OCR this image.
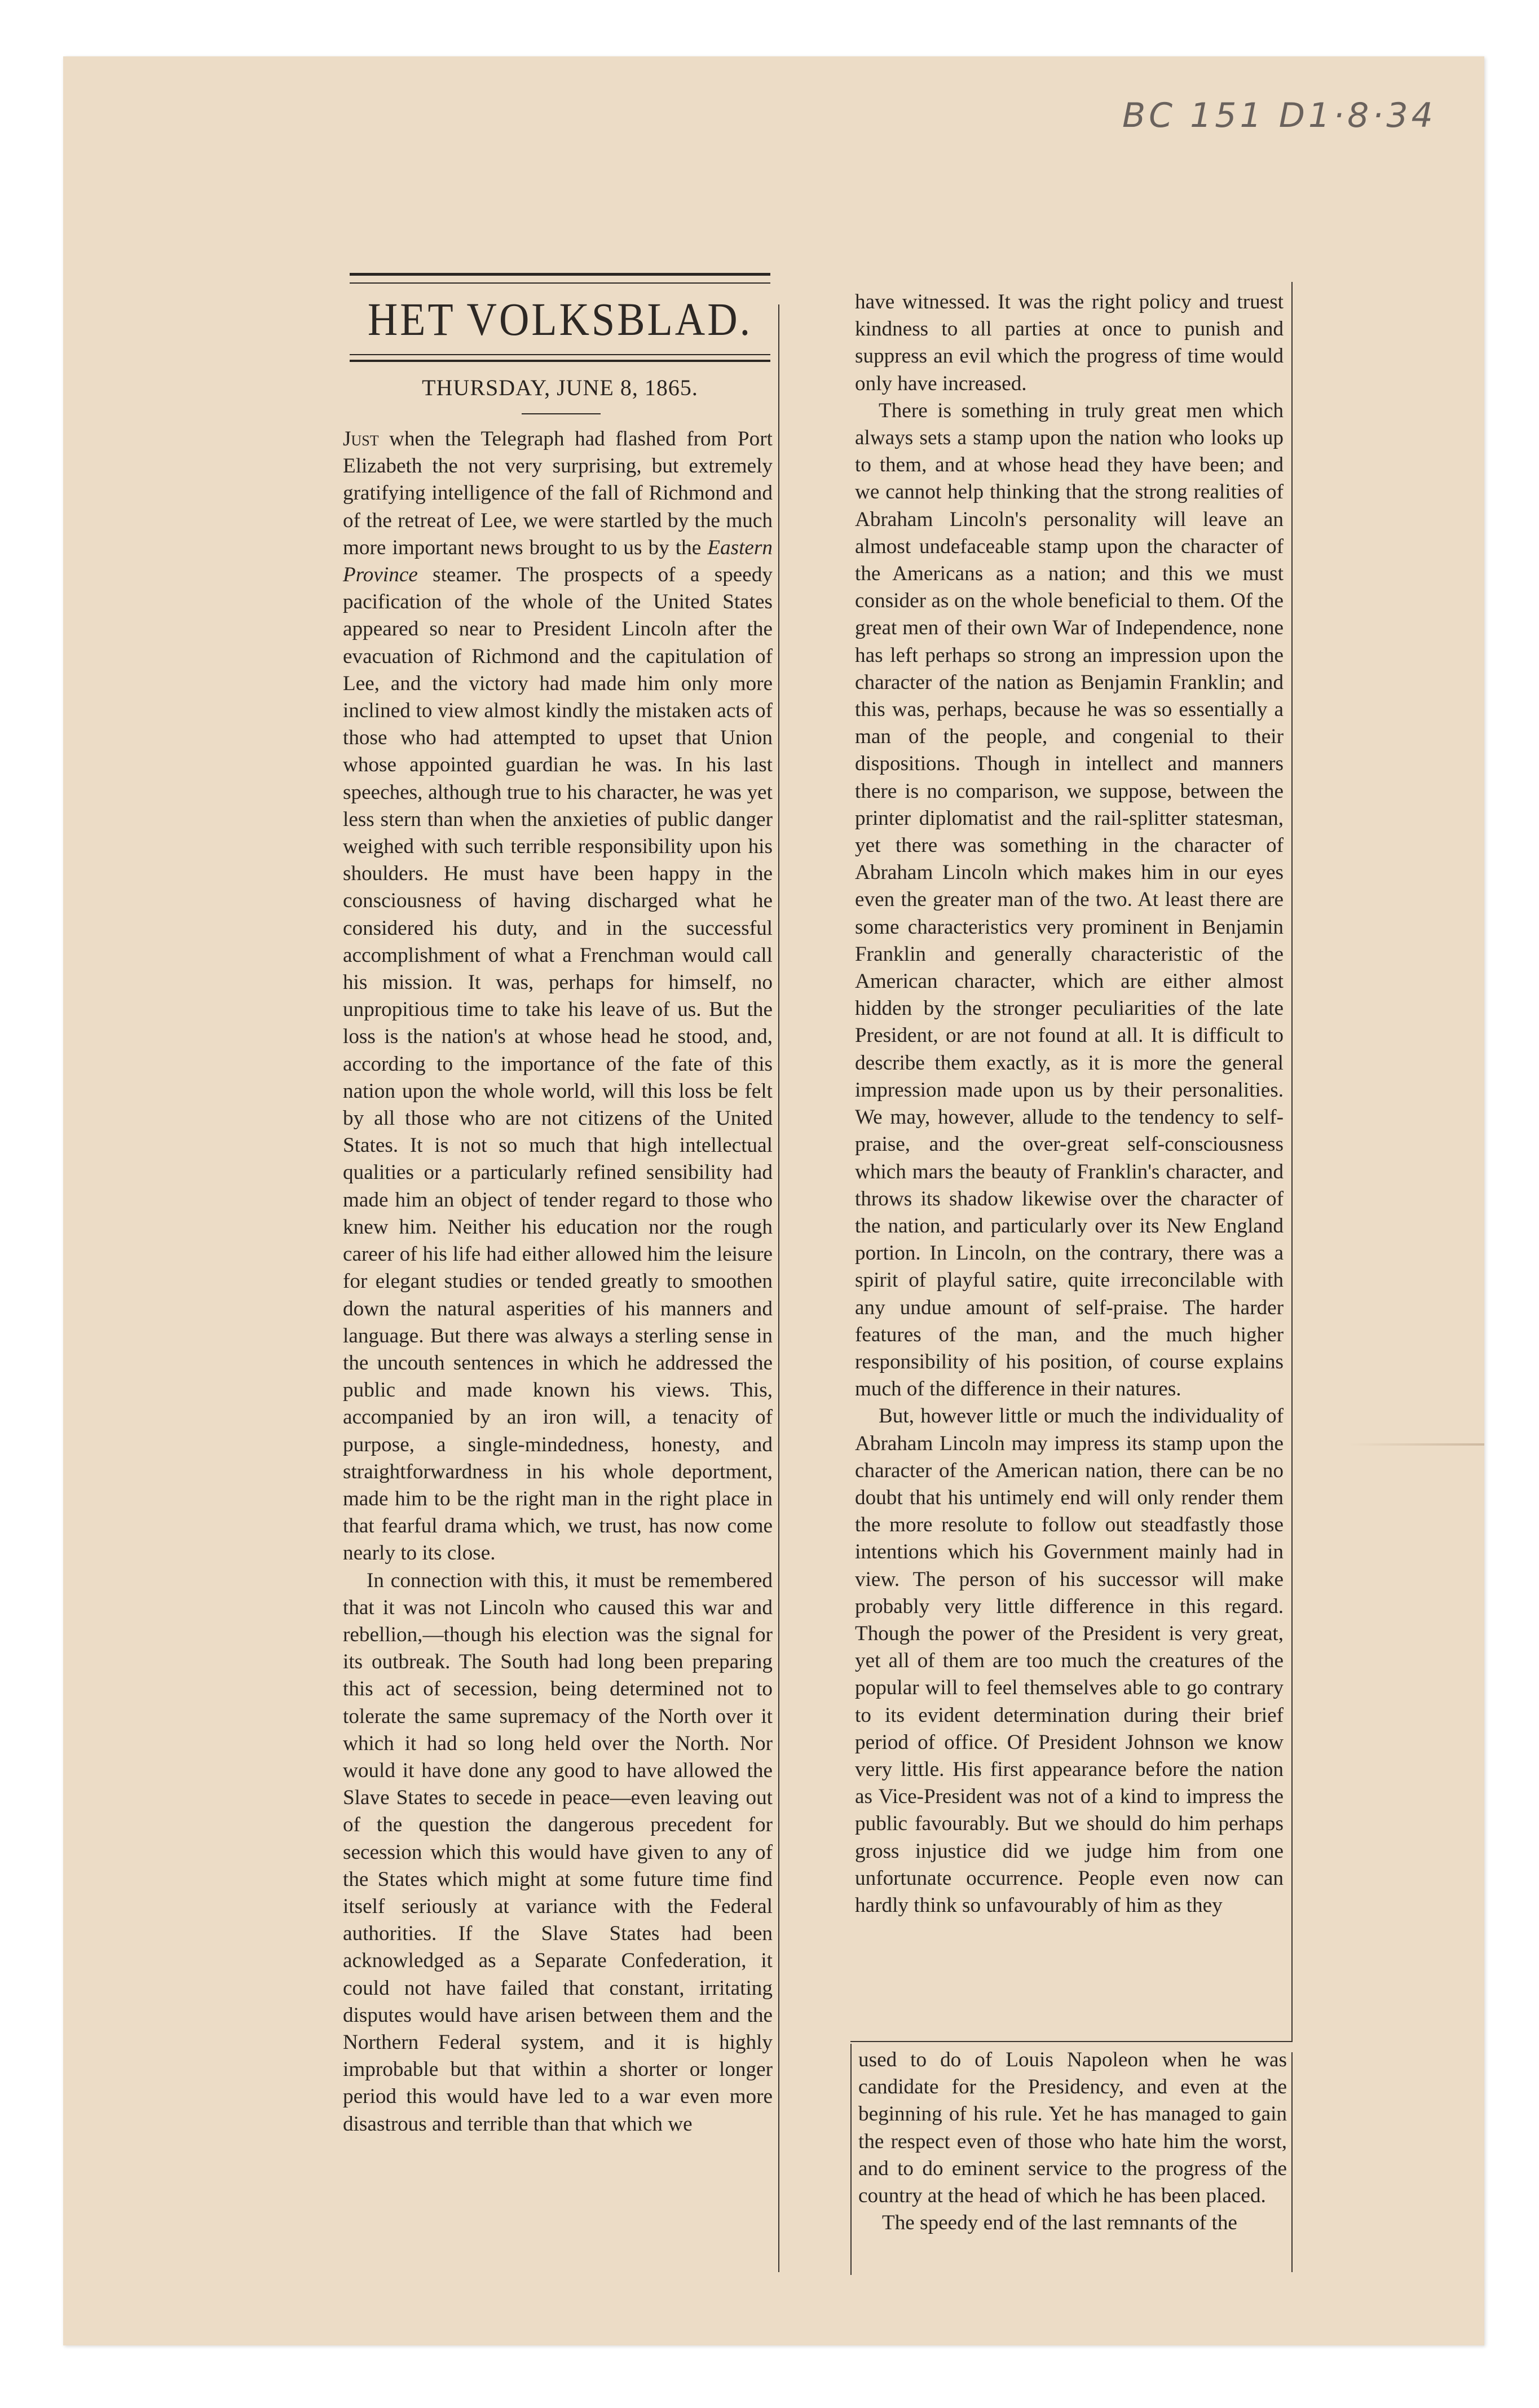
BC 151 D1·8·34
HET VOLKSBLAD.
THURSDAY, JUNE 8, 1865.

Just when the Telegraph had flashed from Port Elizabeth the not very surprising, but extremely gratifying intelligence of the fall of Richmond and of the retreat of Lee, we were startled by the much more important news brought to us by the Eastern Province steamer. The prospects of a speedy pacification of the whole of the United States appeared so near to President Lincoln after the evacuation of Richmond and the capitulation of Lee, and the victory had made him only more inclined to view almost kindly the mistaken acts of those who had attempted to upset that Union whose appointed guardian he was. In his last speeches, although true to his character, he was yet less stern than when the anxieties of public danger weighed with such terrible responsibility upon his shoulders. He must have been happy in the consciousness of having discharged what he considered his duty, and in the successful accomplishment of what a Frenchman would call his mission. It was, perhaps for himself, no unpropitious time to take his leave of us. But the loss is the nation's at whose head he stood, and, according to the importance of the fate of this nation upon the whole world, will this loss be felt by all those who are not citizens of the United States. It is not so much that high intellectual qualities or a particularly refined sensibility had made him an object of tender regard to those who knew him. Neither his education nor the rough career of his life had either allowed him the leisure for elegant studies or tended greatly to smoothen down the natural asperities of his manners and language. But there was always a sterling sense in the uncouth sentences in which he addressed the public and made known his views. This, accompanied by an iron will, a tenacity of purpose, a single-mindedness, honesty, and straightforwardness in his whole deportment, made him to be the right man in the right place in that fearful drama which, we trust, has now come nearly to its close.

In connection with this, it must be remembered that it was not Lincoln who caused this war and rebellion,—though his election was the signal for its outbreak. The South had long been preparing this act of secession, being determined not to tolerate the same supremacy of the North over it which it had so long held over the North. Nor would it have done any good to have allowed the Slave States to secede in peace—even leaving out of the question the dangerous precedent for secession which this would have given to any of the States which might at some future time find itself seriously at variance with the Federal authorities. If the Slave States had been acknowledged as a Separate Confederation, it could not have failed that constant, irritating disputes would have arisen between them and the Northern Federal system, and it is highly improbable but that within a shorter or longer period this would have led to a war even more disastrous and terrible than that which we

have witnessed. It was the right policy and truest kindness to all parties at once to punish and suppress an evil which the progress of time would only have increased.

There is something in truly great men which always sets a stamp upon the nation who looks up to them, and at whose head they have been; and we cannot help thinking that the strong realities of Abraham Lincoln's personality will leave an almost undefaceable stamp upon the character of the Americans as a nation; and this we must consider as on the whole beneficial to them. Of the great men of their own War of Independence, none has left perhaps so strong an impression upon the character of the nation as Benjamin Franklin; and this was, perhaps, because he was so essentially a man of the people, and congenial to their dispositions. Though in intellect and manners there is no comparison, we suppose, between the printer diplomatist and the rail-splitter statesman, yet there was something in the character of Abraham Lincoln which makes him in our eyes even the greater man of the two. At least there are some characteristics very prominent in Benjamin Franklin and generally characteristic of the American character, which are either almost hidden by the stronger peculiarities of the late President, or are not found at all. It is difficult to describe them exactly, as it is more the general impression made upon us by their personalities. We may, however, allude to the tendency to self-praise, and the over-great self-consciousness which mars the beauty of Franklin's character, and throws its shadow likewise over the character of the nation, and particularly over its New England portion. In Lincoln, on the contrary, there was a spirit of playful satire, quite irreconcilable with any undue amount of self-praise. The harder features of the man, and the much higher responsibility of his position, of course explains much of the difference in their natures.

But, however little or much the individuality of Abraham Lincoln may impress its stamp upon the character of the American nation, there can be no doubt that his untimely end will only render them the more resolute to follow out steadfastly those intentions which his Government mainly had in view. The person of his successor will make probably very little difference in this regard. Though the power of the President is very great, yet all of them are too much the creatures of the popular will to feel themselves able to go contrary to its evident determination during their brief period of office. Of President Johnson we know very little. His first appearance before the nation as Vice-President was not of a kind to impress the public favourably. But we should do him perhaps gross injustice did we judge him from one unfortunate occurrence. People even now can hardly think so unfavourably of him as they

used to do of Louis Napoleon when he was candidate for the Presidency, and even at the beginning of his rule. Yet he has managed to gain the respect even of those who hate him the worst, and to do eminent service to the progress of the country at the head of which he has been placed.

The speedy end of the last remnants of the
